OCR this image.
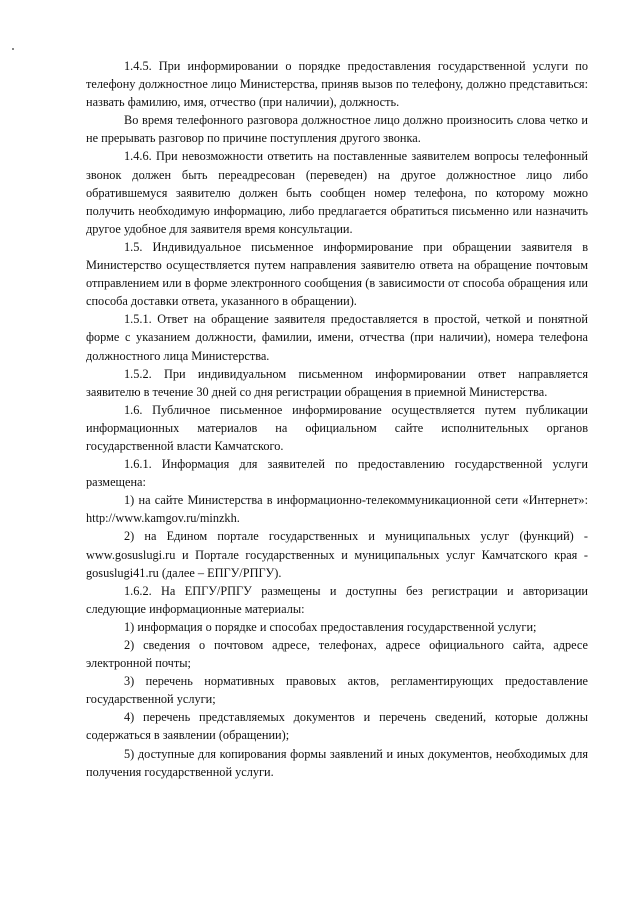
1.4.5. При информировании о порядке предоставления государственной услуги по телефону должностное лицо Министерства, приняв вызов по телефону, должно представиться: назвать фамилию, имя, отчество (при наличии), должность.

Во время телефонного разговора должностное лицо должно произносить слова четко и не прерывать разговор по причине поступления другого звонка.

1.4.6. При невозможности ответить на поставленные заявителем вопросы телефонный звонок должен быть переадресован (переведен) на другое должностное лицо либо обратившемуся заявителю должен быть сообщен номер телефона, по которому можно получить необходимую информацию, либо предлагается обратиться письменно или назначить другое удобное для заявителя время консультации.

1.5. Индивидуальное письменное информирование при обращении заявителя в Министерство осуществляется путем направления заявителю ответа на обращение почтовым отправлением или в форме электронного сообщения (в зависимости от способа обращения или способа доставки ответа, указанного в обращении).

1.5.1. Ответ на обращение заявителя предоставляется в простой, четкой и понятной форме с указанием должности, фамилии, имени, отчества (при наличии), номера телефона должностного лица Министерства.

1.5.2. При индивидуальном письменном информировании ответ направляется заявителю в течение 30 дней со дня регистрации обращения в приемной Министерства.

1.6. Публичное письменное информирование осуществляется путем публикации информационных материалов на официальном сайте исполнительных органов государственной власти Камчатского.

1.6.1. Информация для заявителей по предоставлению государственной услуги размещена:

1) на сайте Министерства в информационно-телекоммуникационной сети «Интернет»: http://www.kamgov.ru/minzkh.

2) на Едином портале государственных и муниципальных услуг (функций) - www.gosuslugi.ru и Портале государственных и муниципальных услуг Камчатского края - gosuslugi41.ru (далее – ЕПГУ/РПГУ).

1.6.2. На ЕПГУ/РПГУ размещены и доступны без регистрации и авторизации следующие информационные материалы:

1) информация о порядке и способах предоставления государственной услуги;

2) сведения о почтовом адресе, телефонах, адресе официального сайта, адресе электронной почты;

3) перечень нормативных правовых актов, регламентирующих предоставление государственной услуги;

4) перечень представляемых документов и перечень сведений, которые должны содержаться в заявлении (обращении);

5) доступные для копирования формы заявлений и иных документов, необходимых для получения государственной услуги.
